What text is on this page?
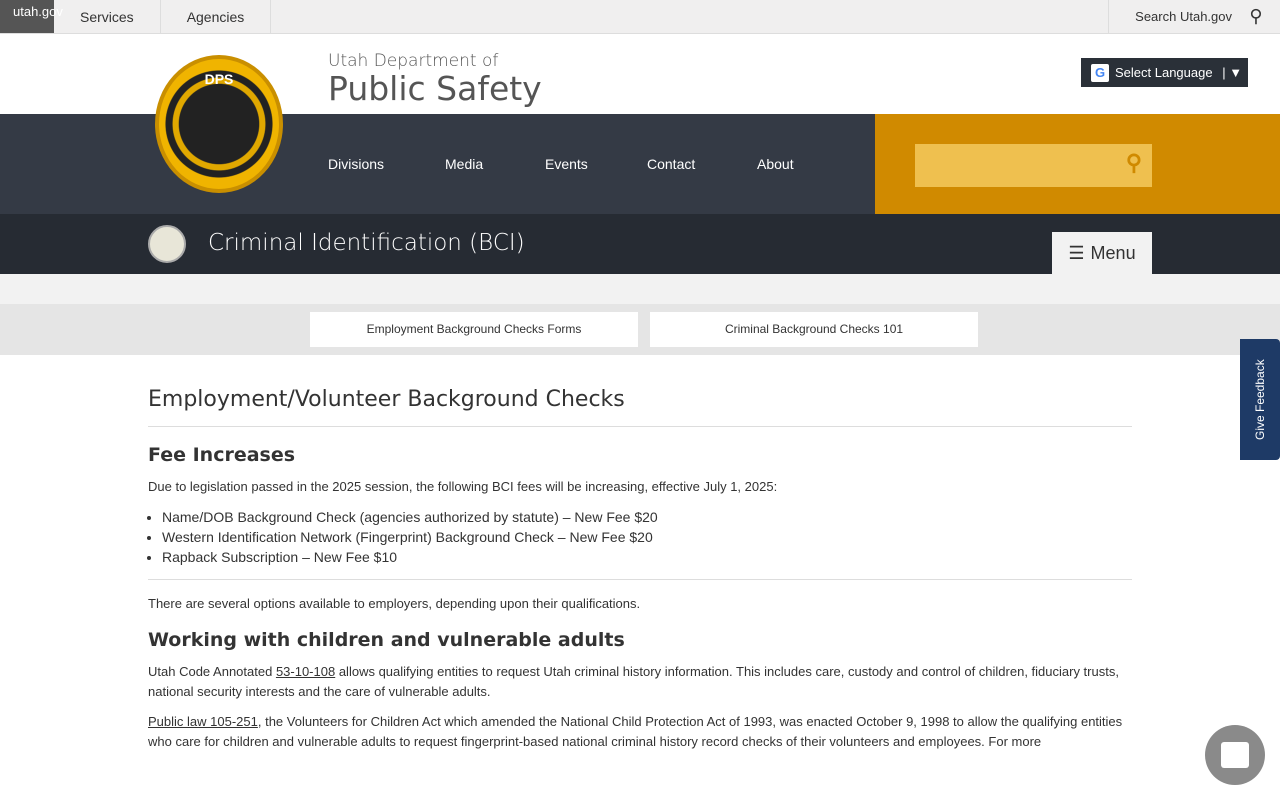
utah.gov	Services	Agencies	Search Utah.gov ⚲
Utah Department of
Public Safety	G Select Language | ▼
DPS
Divisions	Media	Events	Contact	About	⚲
Criminal Identification (BCI)	☰ Menu
Employment Background Checks Forms	Criminal Background Checks 101
Employment/Volunteer Background Checks
Fee Increases

Due to legislation passed in the 2025 session, the following BCI fees will be increasing, effective July 1, 2025:

• Name/DOB Background Check (agencies authorized by statute) – New Fee $20
• Western Identification Network (Fingerprint) Background Check – New Fee $20
• Rapback Subscription – New Fee $10

There are several options available to employers, depending upon their qualifications.

Working with children and vulnerable adults

Utah Code Annotated 53-10-108 allows qualifying entities to request Utah criminal history information. This includes care, custody and control of children, fiduciary trusts, national security interests and the care of vulnerable adults.

Public law 105-251, the Volunteers for Children Act which amended the National Child Protection Act of 1993, was enacted October 9, 1998 to allow the qualifying entities who care for children and vulnerable adults to request fingerprint-based national criminal history record checks of their volunteers and employees. For more

Give Feedback
